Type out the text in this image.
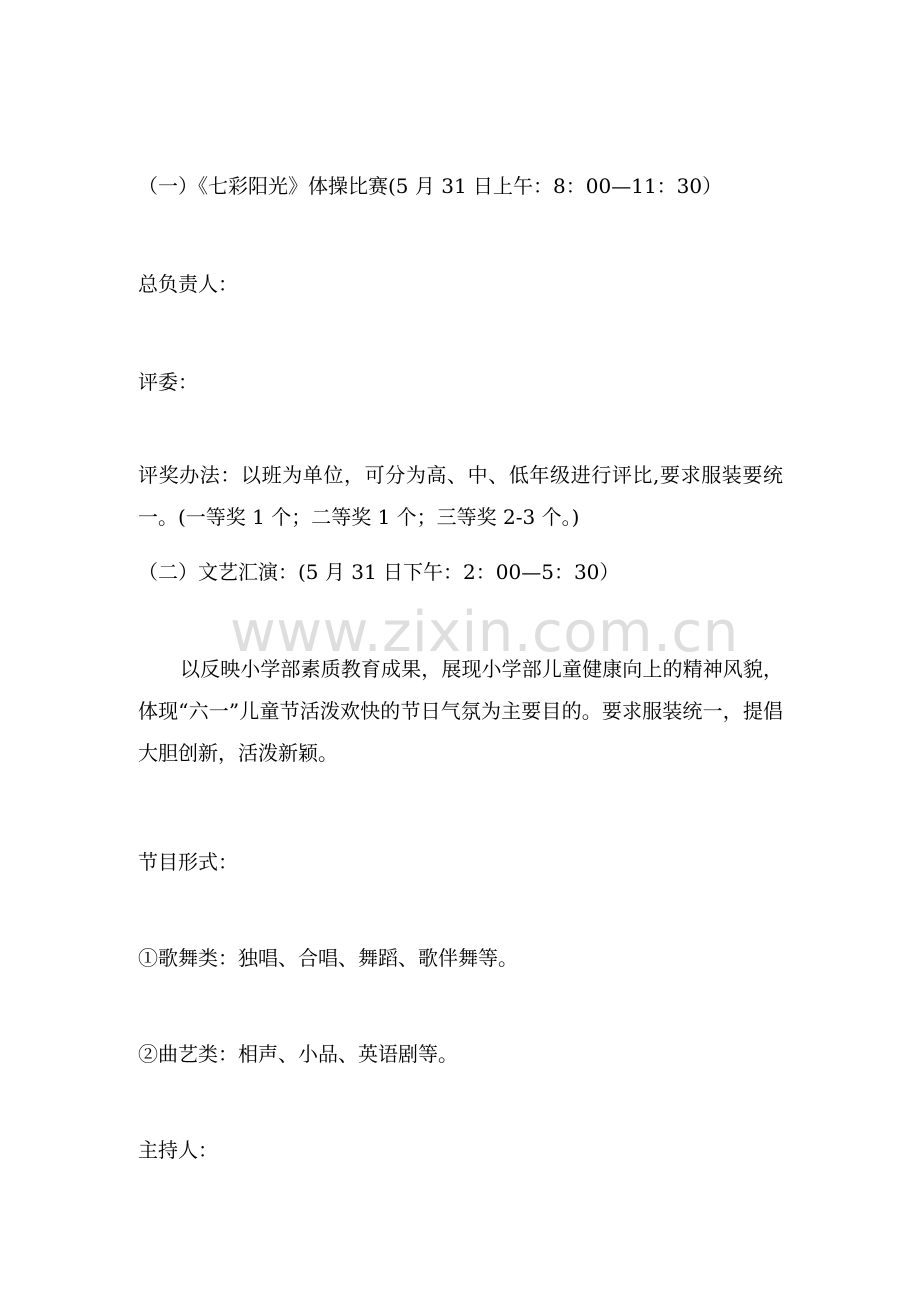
（一）《七彩阳光》体操比赛(5 月 31 日上午：8：00—11：30）

总负责人：

评委：

评奖办法：以班为单位，可分为高、中、低年级进行评比,要求服装要统一。(一等奖 1 个；二等奖 1 个；三等奖 2-3 个。)

（二）文艺汇演：(5 月 31 日下午：2：00—5：30）

以反映小学部素质教育成果，展现小学部儿童健康向上的精神风貌，体现“六一”儿童节活泼欢快的节日气氛为主要目的。要求服装统一，提倡大胆创新，活泼新颖。

节目形式：

①歌舞类：独唱、合唱、舞蹈、歌伴舞等。

②曲艺类：相声、小品、英语剧等。

主持人：

www.zixin.com.cn
